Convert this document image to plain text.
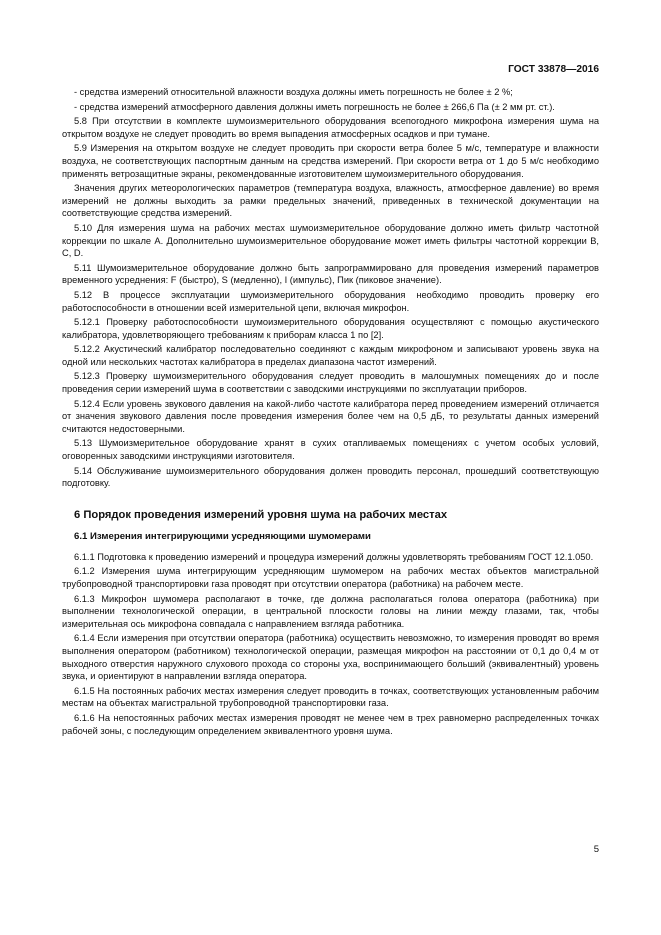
ГОСТ 33878—2016

- средства измерений относительной влажности воздуха должны иметь погрешность не более ± 2 %;

- средства измерений атмосферного давления должны иметь погрешность не более ± 266,6 Па (± 2 мм рт. ст.).

5.8 При отсутствии в комплекте шумоизмерительного оборудования всепогодного микрофона измерения шума на открытом воздухе не следует проводить во время выпадения атмосферных осадков и при тумане.

5.9 Измерения на открытом воздухе не следует проводить при скорости ветра более 5 м/с, температуре и влажности воздуха, не соответствующих паспортным данным на средства измерений. При скорости ветра от 1 до 5 м/с необходимо применять ветрозащитные экраны, рекомендованные изготовителем шумоизмерительного оборудования.

Значения других метеорологических параметров (температура воздуха, влажность, атмосферное давление) во время измерений не должны выходить за рамки предельных значений, приведенных в технической документации на соответствующие средства измерений.

5.10 Для измерения шума на рабочих местах шумоизмерительное оборудование должно иметь фильтр частотной коррекции по шкале A. Дополнительно шумоизмерительное оборудование может иметь фильтры частотной коррекции B, C, D.

5.11 Шумоизмерительное оборудование должно быть запрограммировано для проведения измерений параметров временного усреднения: F (быстро), S (медленно), I (импульс), Пик (пиковое значение).

5.12 В процессе эксплуатации шумоизмерительного оборудования необходимо проводить проверку его работоспособности в отношении всей измерительной цепи, включая микрофон.

5.12.1 Проверку работоспособности шумоизмерительного оборудования осуществляют с помощью акустического калибратора, удовлетворяющего требованиям к приборам класса 1 по [2].

5.12.2 Акустический калибратор последовательно соединяют с каждым микрофоном и записывают уровень звука на одной или нескольких частотах калибратора в пределах диапазона частот измерений.

5.12.3 Проверку шумоизмерительного оборудования следует проводить в малошумных помещениях до и после проведения серии измерений шума в соответствии с заводскими инструкциями по эксплуатации приборов.

5.12.4 Если уровень звукового давления на какой-либо частоте калибратора перед проведением измерений отличается от значения звукового давления после проведения измерения более чем на 0,5 дБ, то результаты данных измерений считаются недостоверными.

5.13 Шумоизмерительное оборудование хранят в сухих отапливаемых помещениях с учетом особых условий, оговоренных заводскими инструкциями изготовителя.

5.14 Обслуживание шумоизмерительного оборудования должен проводить персонал, прошедший соответствующую подготовку.

6 Порядок проведения измерений уровня шума на рабочих местах
6.1 Измерения интегрирующими усредняющими шумомерами

6.1.1 Подготовка к проведению измерений и процедура измерений должны удовлетворять требованиям ГОСТ 12.1.050.

6.1.2 Измерения шума интегрирующим усредняющим шумомером на рабочих местах объектов магистральной трубопроводной транспортировки газа проводят при отсутствии оператора (работника) на рабочем месте.

6.1.3 Микрофон шумомера располагают в точке, где должна располагаться голова оператора (работника) при выполнении технологической операции, в центральной плоскости головы на линии между глазами, так, чтобы измерительная ось микрофона совпадала с направлением взгляда работника.

6.1.4 Если измерения при отсутствии оператора (работника) осуществить невозможно, то измерения проводят во время выполнения оператором (работником) технологической операции, размещая микрофон на расстоянии от 0,1 до 0,4 м от выходного отверстия наружного слухового прохода со стороны уха, воспринимающего больший (эквивалентный) уровень звука, и ориентируют в направлении взгляда оператора.

6.1.5 На постоянных рабочих местах измерения следует проводить в точках, соответствующих установленным рабочим местам на объектах магистральной трубопроводной транспортировки газа.

6.1.6 На непостоянных рабочих местах измерения проводят не менее чем в трех равномерно распределенных точках рабочей зоны, с последующим определением эквивалентного уровня шума.

5
